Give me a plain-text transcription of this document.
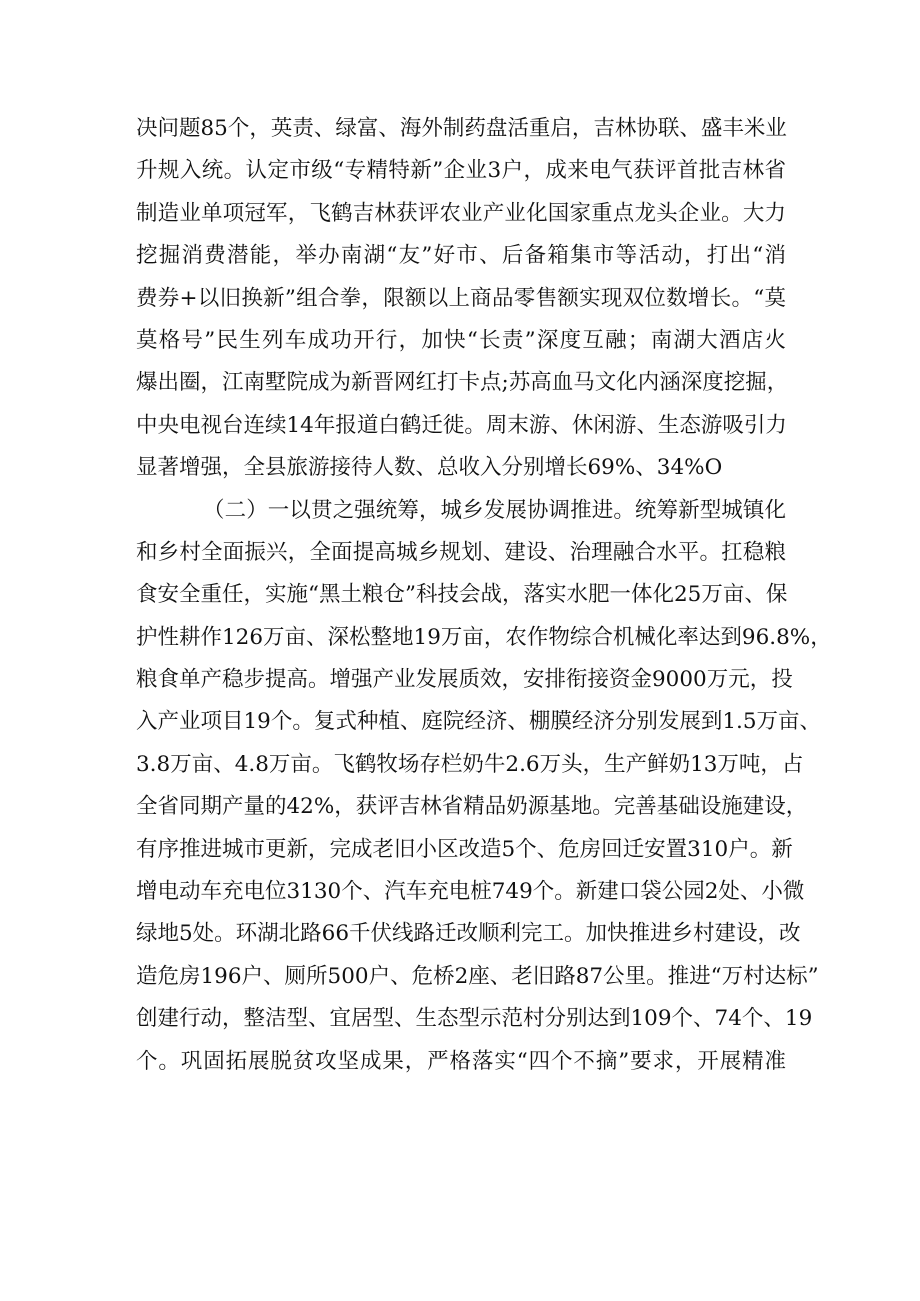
决问题85个，英责、绿富、海外制药盘活重启，吉林协联、盛丰米业
升规入统。认定市级“专精特新”企业3户，成来电气获评首批吉林省
制造业单项冠军，飞鹤吉林获评农业产业化国家重点龙头企业。大力
挖掘消费潜能，举办南湖“友”好市、后备箱集市等活动，打出“消
费券+以旧换新”组合拳，限额以上商品零售额实现双位数增长。“莫
莫格号”民生列车成功开行，加快“长责”深度互融；南湖大酒店火
爆出圈，江南墅院成为新晋网红打卡点;苏高血马文化内涵深度挖掘，
中央电视台连续14年报道白鹤迁徙。周末游、休闲游、生态游吸引力
显著增强，全县旅游接待人数、总收入分别增长69%、34%O
（二）一以贯之强统筹，城乡发展协调推进。统筹新型城镇化
和乡村全面振兴，全面提高城乡规划、建设、治理融合水平。扛稳粮
食安全重任，实施“黑土粮仓”科技会战，落实水肥一体化25万亩、保
护性耕作126万亩、深松整地19万亩，农作物综合机械化率达到96.8%，
粮食单产稳步提高。增强产业发展质效，安排衔接资金9000万元，投
入产业项目19个。复式种植、庭院经济、棚膜经济分别发展到1.5万亩、
3.8万亩、4.8万亩。飞鹤牧场存栏奶牛2.6万头，生产鲜奶13万吨，占
全省同期产量的42%，获评吉林省精品奶源基地。完善基础设施建设，
有序推进城市更新，完成老旧小区改造5个、危房回迁安置310户。新
增电动车充电位3130个、汽车充电桩749个。新建口袋公园2处、小微
绿地5处。环湖北路66千伏线路迁改顺利完工。加快推进乡村建设，改
造危房196户、厕所500户、危桥2座、老旧路87公里。推进“万村达标”
创建行动，整洁型、宜居型、生态型示范村分别达到109个、74个、19
个。巩固拓展脱贫攻坚成果，严格落实“四个不摘”要求，开展精准
